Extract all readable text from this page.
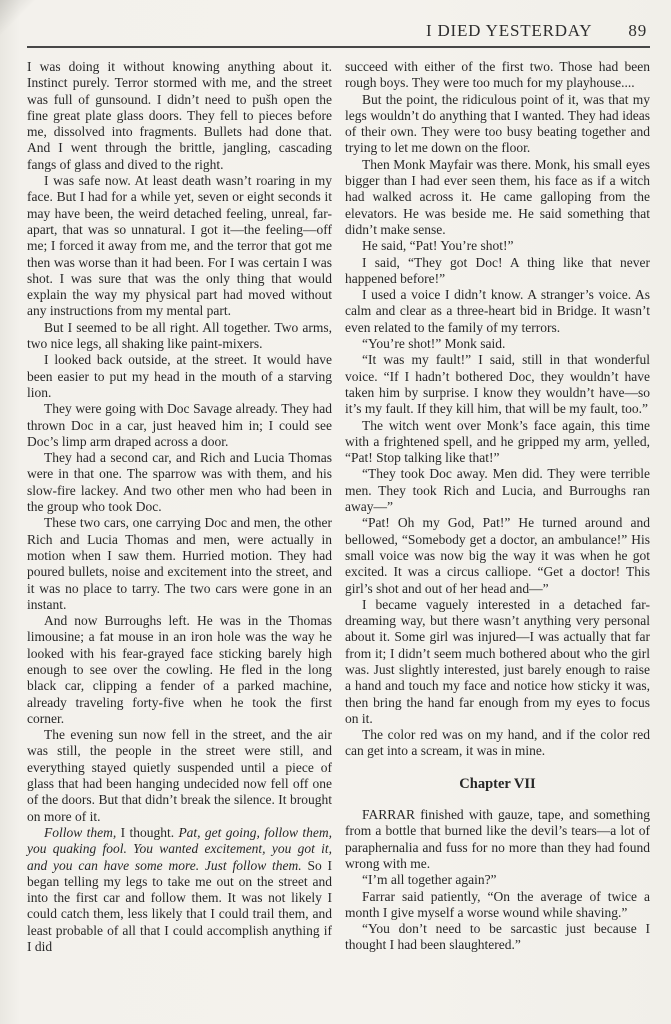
I DIED YESTERDAY 89

I was doing it without knowing anything about it. Instinct purely. Terror stormed with me, and the street was full of gunsound. I didn’t need to pušh open the fine great plate glass doors. They fell to pieces before me, dissolved into fragments. Bullets had done that. And I went through the brittle, jangling, cascading fangs of glass and dived to the right.

I was safe now. At least death wasn’t roaring in my face. But I had for a while yet, seven or eight seconds it may have been, the weird detached feeling, unreal, far-apart, that was so unnatural. I got it—the feeling—off me; I forced it away from me, and the terror that got me then was worse than it had been. For I was certain I was shot. I was sure that was the only thing that would explain the way my physical part had moved without any instructions from my mental part.

But I seemed to be all right. All together. Two arms, two nice legs, all shaking like paint-mixers.

I looked back outside, at the street. It would have been easier to put my head in the mouth of a starving lion.

They were going with Doc Savage already. They had thrown Doc in a car, just heaved him in; I could see Doc’s limp arm draped across a door.

They had a second car, and Rich and Lucia Thomas were in that one. The sparrow was with them, and his slow-fire lackey. And two other men who had been in the group who took Doc.

These two cars, one carrying Doc and men, the other Rich and Lucia Thomas and men, were actually in motion when I saw them. Hurried motion. They had poured bullets, noise and excitement into the street, and it was no place to tarry. The two cars were gone in an instant.

And now Burroughs left. He was in the Thomas limousine; a fat mouse in an iron hole was the way he looked with his fear-grayed face sticking barely high enough to see over the cowling. He fled in the long black car, clipping a fender of a parked machine, already traveling forty-five when he took the first corner.

The evening sun now fell in the street, and the air was still, the people in the street were still, and everything stayed quietly suspended until a piece of glass that had been hanging undecided now fell off one of the doors. But that didn’t break the silence. It brought on more of it.

Follow them, I thought. Pat, get going, follow them, you quaking fool. You wanted excitement, you got it, and you can have some more. Just follow them. So I began telling my legs to take me out on the street and into the first car and follow them. It was not likely I could catch them, less likely that I could trail them, and least probable of all that I could accomplish anything if I did

succeed with either of the first two. Those had been rough boys. They were too much for my playhouse....

But the point, the ridiculous point of it, was that my legs wouldn’t do anything that I wanted. They had ideas of their own. They were too busy beating together and trying to let me down on the floor.

Then Monk Mayfair was there. Monk, his small eyes bigger than I had ever seen them, his face as if a witch had walked across it. He came galloping from the elevators. He was beside me. He said something that didn’t make sense.

He said, “Pat! You’re shot!”

I said, “They got Doc! A thing like that never happened before!”

I used a voice I didn’t know. A stranger’s voice. As calm and clear as a three-heart bid in Bridge. It wasn’t even related to the family of my terrors.

“You’re shot!” Monk said.

“It was my fault!” I said, still in that wonderful voice. “If I hadn’t bothered Doc, they wouldn’t have taken him by surprise. I know they wouldn’t have—so it’s my fault. If they kill him, that will be my fault, too.”

The witch went over Monk’s face again, this time with a frightened spell, and he gripped my arm, yelled, “Pat! Stop talking like that!”

“They took Doc away. Men did. They were terrible men. They took Rich and Lucia, and Burroughs ran away—”

“Pat! Oh my God, Pat!” He turned around and bellowed, “Somebody get a doctor, an ambulance!” His small voice was now big the way it was when he got excited. It was a circus calliope. “Get a doctor! This girl’s shot and out of her head and—”

I became vaguely interested in a detached far-dreaming way, but there wasn’t anything very personal about it. Some girl was injured—I was actually that far from it; I didn’t seem much bothered about who the girl was. Just slightly interested, just barely enough to raise a hand and touch my face and notice how sticky it was, then bring the hand far enough from my eyes to focus on it.

The color red was on my hand, and if the color red can get into a scream, it was in mine.

Chapter VII

FARRAR finished with gauze, tape, and something from a bottle that burned like the devil’s tears—a lot of paraphernalia and fuss for no more than they had found wrong with me.

“I’m all together again?”

Farrar said patiently, “On the average of twice a month I give myself a worse wound while shaving.”

“You don’t need to be sarcastic just because I thought I had been slaughtered.”
